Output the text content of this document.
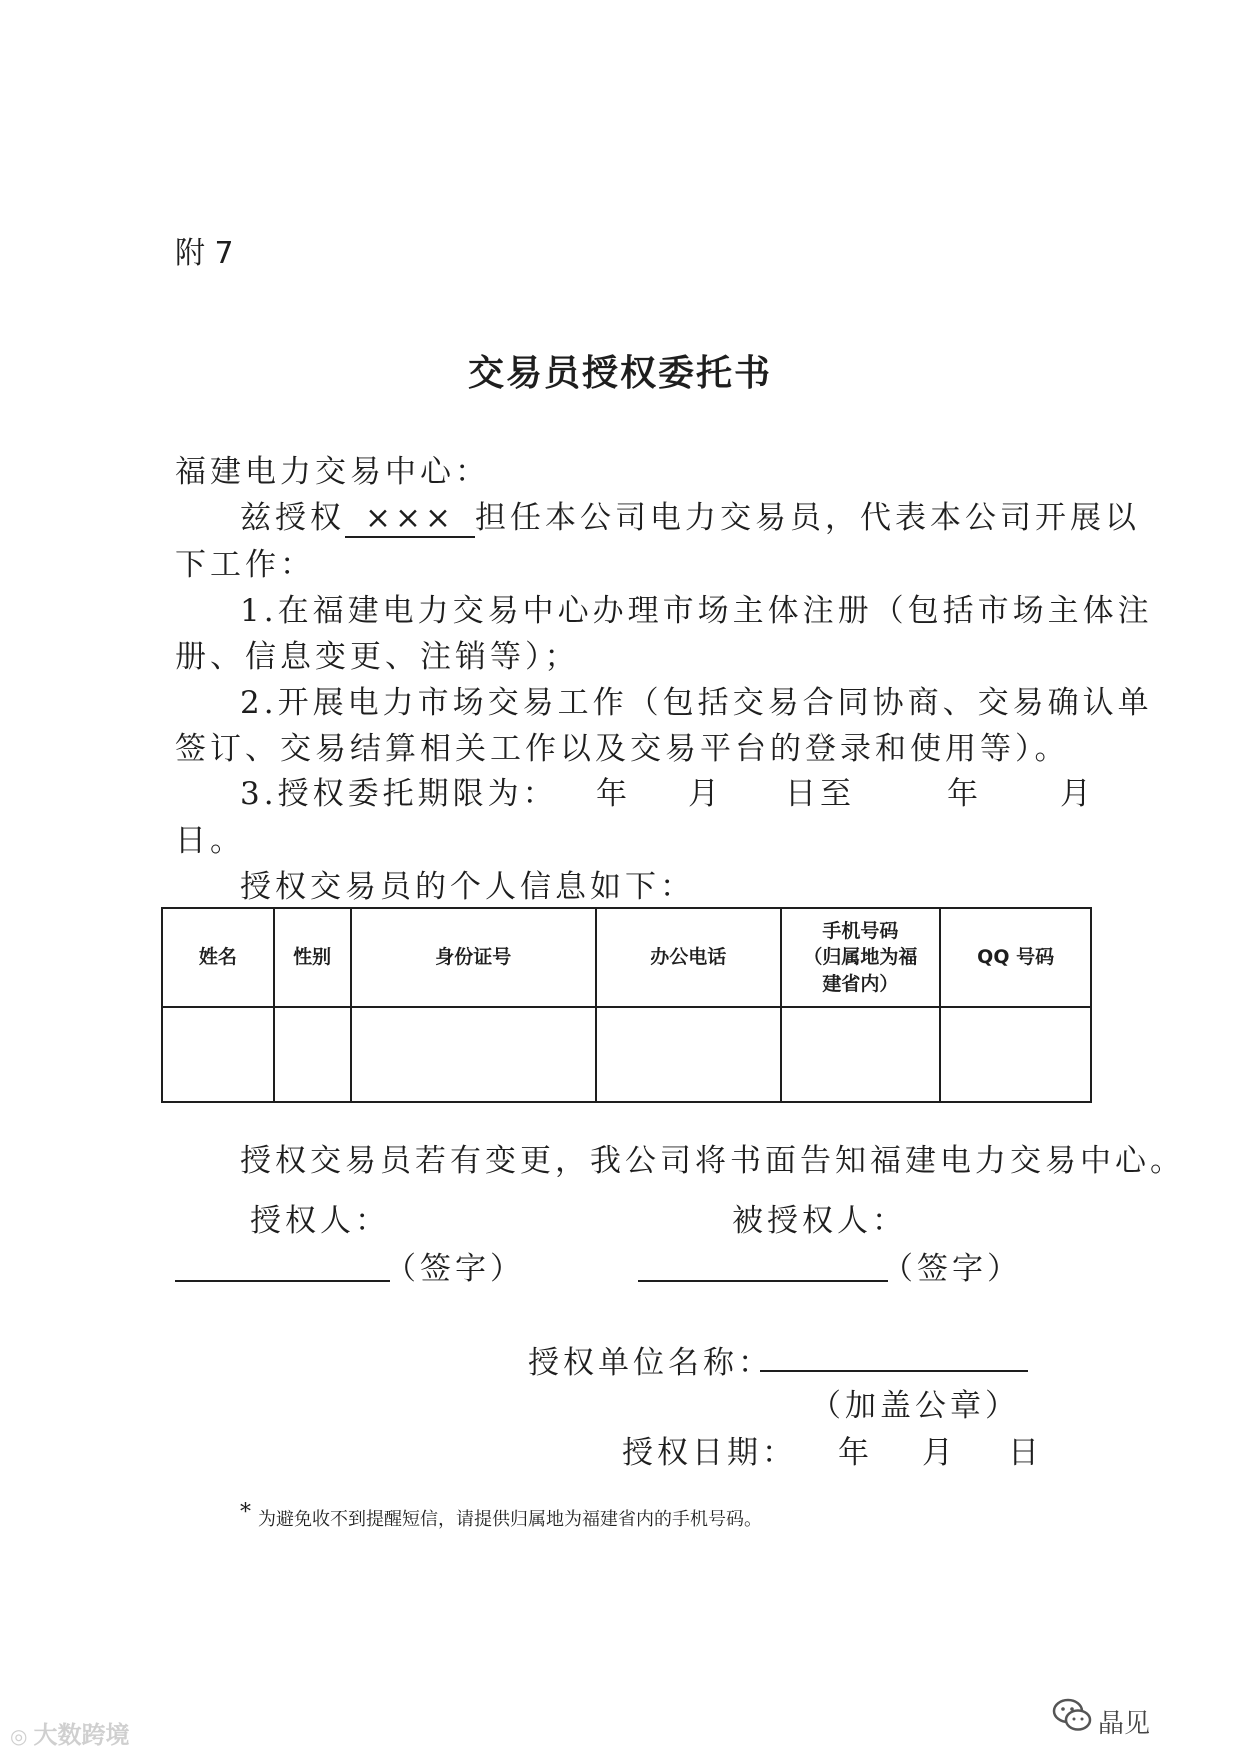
附 7
交易员授权委托书
福建电力交易中心：
兹授权 ××× 担任本公司电力交易员，代表本公司开展以
下工作：
1.在福建电力交易中心办理市场主体注册（包括市场主体注
册、信息变更、注销等）；
2.开展电力市场交易工作（包括交易合同协商、交易确认单
签订、交易结算相关工作以及交易平台的登录和使用等）。
3.授权委托期限为： 年 月 日至	年	月
日。
授权交易员的个人信息如下：
姓名	性别	身份证号	办公电话	手机号码
（归属地为福
建省内）	QQ 号码

授权交易员若有变更，我公司将书面告知福建电力交易中心。
授权人：	被授权人：
（签字）	（签字）
授权单位名称：
（加盖公章）
授权日期： 年 月 日
* 为避免收不到提醒短信，请提供归属地为福建省内的手机号码。
◎ 大数跨境	晶见
